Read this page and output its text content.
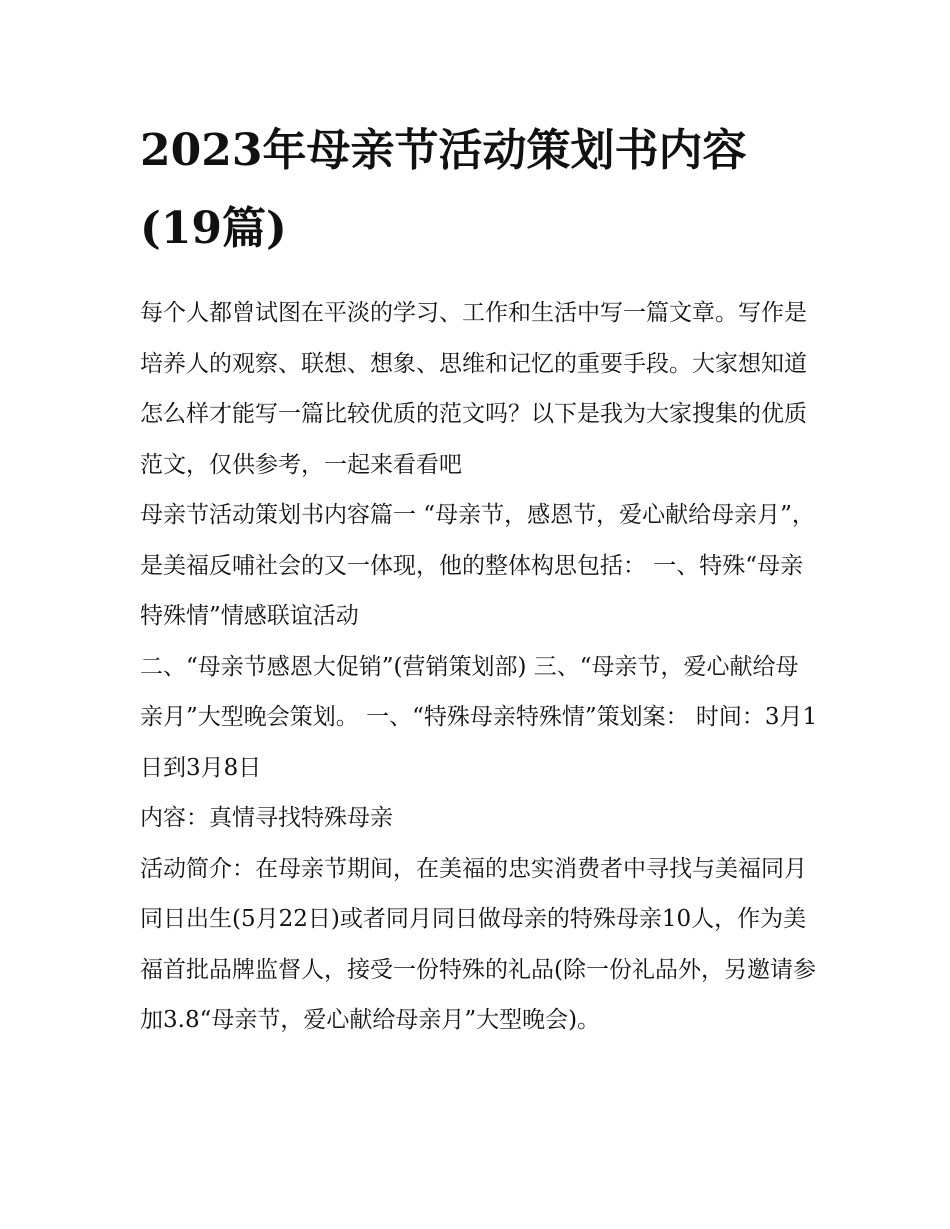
2023年母亲节活动策划书内容(19篇)

每个人都曾试图在平淡的学习、工作和生活中写一篇文章。写作是培养人的观察、联想、想象、思维和记忆的重要手段。大家想知道怎么样才能写一篇比较优质的范文吗？以下是我为大家搜集的优质范文，仅供参考，一起来看看吧

母亲节活动策划书内容篇一 “母亲节，感恩节，爱心献给母亲月”，是美福反哺社会的又一体现，他的整体构思包括： 一、特殊“母亲特殊情”情感联谊活动

二、“母亲节感恩大促销”(营销策划部) 三、“母亲节，爱心献给母亲月”大型晚会策划。 一、“特殊母亲特殊情”策划案： 时间：3月1日到3月8日

内容：真情寻找特殊母亲

活动简介：在母亲节期间，在美福的忠实消费者中寻找与美福同月同日出生(5月22日)或者同月同日做母亲的特殊母亲10人，作为美福首批品牌监督人，接受一份特殊的礼品(除一份礼品外，另邀请参加3.8“母亲节，爱心献给母亲月”大型晚会)。
